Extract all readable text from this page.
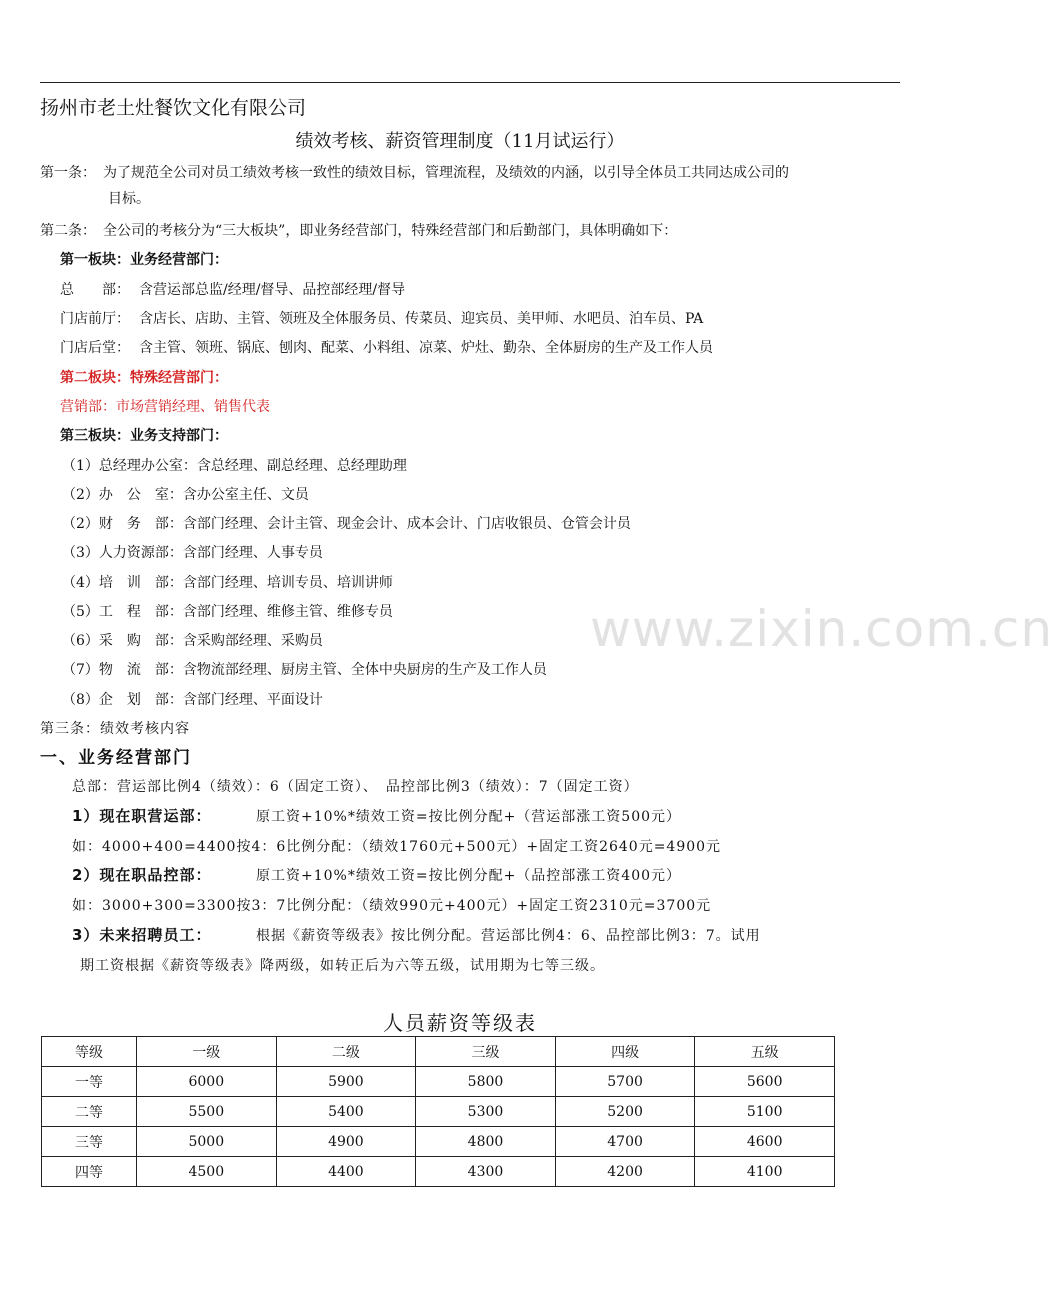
www.zixin.com.cn
扬州市老土灶餐饮文化有限公司
绩效考核、薪资管理制度（11月试运行）
第一条： 为了规范全公司对员工绩效考核一致性的绩效目标，管理流程，及绩效的内涵，以引导全体员工共同达成公司的
目标。
第二条： 全公司的考核分为“三大板块”，即业务经营部门，特殊经营部门和后勤部门，具体明确如下：
第一板块：业务经营部门：
总　　部： 含营运部总监/经理/督导、品控部经理/督导
门店前厅： 含店长、店助、主管、领班及全体服务员、传菜员、迎宾员、美甲师、水吧员、泊车员、PA
门店后堂： 含主管、领班、锅底、刨肉、配菜、小料组、凉菜、炉灶、勤杂、全体厨房的生产及工作人员
第二板块：特殊经营部门：
营销部：市场营销经理、销售代表
第三板块：业务支持部门：
（1）总经理办公室：含总经理、副总经理、总经理助理
（2）办　公　室：含办公室主任、文员
（2）财　务　部：含部门经理、会计主管、现金会计、成本会计、门店收银员、仓管会计员
（3）人力资源部：含部门经理、人事专员
（4）培　训　部：含部门经理、培训专员、培训讲师
（5）工　程　部：含部门经理、维修主管、维修专员
（6）采　购　部：含采购部经理、采购员
（7）物　流　部：含物流部经理、厨房主管、全体中央厨房的生产及工作人员
（8）企　划　部：含部门经理、平面设计
第三条：绩效考核内容
一、业务经营部门
总部：营运部比例4（绩效）：6（固定工资）、　品控部比例3（绩效）：7（固定工资）
1）现在职营运部：	原工资+10%*绩效工资=按比例分配+（营运部涨工资500元）
如：4000+400=4400按4：6比例分配：（绩效1760元+500元）+固定工资2640元=4900元
2）现在职品控部：	原工资+10%*绩效工资=按比例分配+（品控部涨工资400元）
如：3000+300=3300按3：7比例分配：（绩效990元+400元）+固定工资2310元=3700元
3）未来招聘员工：	根据《薪资等级表》按比例分配。营运部比例4：6、品控部比例3：7。试用
期工资根据《薪资等级表》降两级，如转正后为六等五级，试用期为七等三级。
人员薪资等级表
等级	一级	二级	三级	四级	五级
一等	6000	5900	5800	5700	5600
二等	5500	5400	5300	5200	5100
三等	5000	4900	4800	4700	4600
四等	4500	4400	4300	4200	4100
